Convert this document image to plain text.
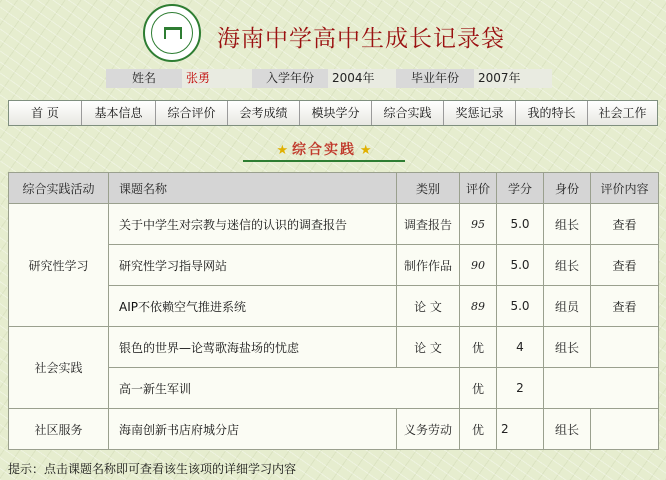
海南中学高中生成长记录袋
姓名	张勇	入学年份	2004年	毕业年份	2007年
首 页	基本信息	综合评价	会考成绩	模块学分	综合实践	奖惩记录	我的特长	社会工作
★ 综合实践 ★
综合实践活动	课题名称	类别	评价	学分	身份	评价内容
研究性学习	关于中学生对宗教与迷信的认识的调查报告	调查报告	95	5.0	组长	查看
	研究性学习指导网站	制作作品	90	5.0	组长	查看
	AIP不依赖空气推进系统	论 文	89	5.0	组员	查看
社会实践	银色的世界—论莺歌海盐场的忧虑	论 文	优	4	组长	
	高一新生军训		优	2		
社区服务	海南创新书店府城分店	义务劳动	优	2	组长	
提示：点击课题名称即可查看该生该项的详细学习内容
